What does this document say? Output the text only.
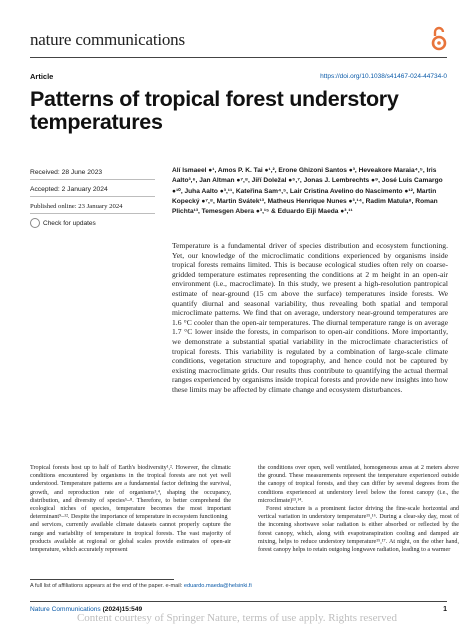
nature communications
Article	https://doi.org/10.1038/s41467-024-44734-0
Patterns of tropical forest understory temperatures
Received: 28 June 2023
Accepted: 2 January 2024
Published online: 23 January 2024
Check for updates
Alí Ismaeel ●¹, Amos P. K. Tai ●¹,², Erone Ghizoni Santos ●³, Heveakore Maraia⁴,⁵, Iris Aalto³,⁶, Jan Altman ●⁷,⁸, Jiří Doležal ●⁵,⁷, Jonas J. Lembrechts ●⁹, José Luis Camargo ●¹⁰, Juha Aalto ●³,¹¹, Kateřina Sam⁴,⁵, Lair Cristina Avelino do Nascimento ●¹², Martin Kopecký ●⁷,⁸, Martin Svátek¹³, Matheus Henrique Nunes ●³,¹⁴, Radim Matula⁸, Roman Plichta¹³, Temesgen Abera ●³,¹⁵ & Eduardo Eiji Maeda ●³,¹¹
Temperature is a fundamental driver of species distribution and ecosystem functioning. Yet, our knowledge of the microclimatic conditions experienced by organisms inside tropical forests remains limited. This is because ecological studies often rely on coarse-gridded temperature estimates representing the conditions at 2 m height in an open-air environment (i.e., macroclimate). In this study, we present a high-resolution pantropical estimate of near-ground (15 cm above the surface) temperatures inside forests. We quantify diurnal and seasonal variability, thus revealing both spatial and temporal microclimate patterns. We find that on average, understory near-ground temperatures are 1.6 °C cooler than the open-air temperatures. The diurnal temperature range is on average 1.7 °C lower inside the forests, in comparison to open-air conditions. More importantly, we demonstrate a substantial spatial variability in the microclimate characteristics of tropical forests. This variability is regulated by a combination of large-scale climate conditions, vegetation structure and topography, and hence could not be captured by existing macroclimate grids. Our results thus contribute to quantifying the actual thermal ranges experienced by organisms inside tropical forests and provide new insights into how these limits may be affected by climate change and ecosystem disturbances.

Tropical forests host up to half of Earth's biodiversity¹,². However, the climatic conditions encountered by organisms in the tropical forests are not yet well understood. Temperature patterns are a fundamental factor defining the survival, growth, and reproduction rate of organisms³,⁴, shaping the occupancy, distribution, and diversity of species⁵–⁸. Therefore, to better comprehend the ecological niches of species, temperature becomes the most important determinant⁹–¹². Despite the importance of temperature in ecosystem functioning

and services, currently available climate datasets cannot properly capture the range and variability of temperature in tropical forests. The vast majority of products available at regional or global scales provide estimates of open-air temperature, which accurately represent

the conditions over open, well ventilated, homogeneous areas at 2 meters above the ground. These measurements represent the temperature experienced outside the canopy of tropical forests, and they can differ by several degrees from the conditions experienced at understory level below the forest canopy (i.e., the microclimate)¹³,¹⁴.

Forest structure is a prominent factor driving the fine-scale horizontal and vertical variation in understory temperature¹⁵,¹⁶. During a clear-sky day, most of the incoming shortwave solar radiation is either absorbed or reflected by the forest canopy, which, along with evapotranspiration cooling and damped air mixing, helps to reduce understory temperature¹⁵,¹⁷. At night, on the other hand, forest canopy helps to retain outgoing longwave radiation, leading to a warmer

A full list of affiliations appears at the end of the paper. e-mail: eduardo.maeda@helsinki.fi
Nature Communications (2024)15:549	1
Content courtesy of Springer Nature, terms of use apply. Rights reserved
